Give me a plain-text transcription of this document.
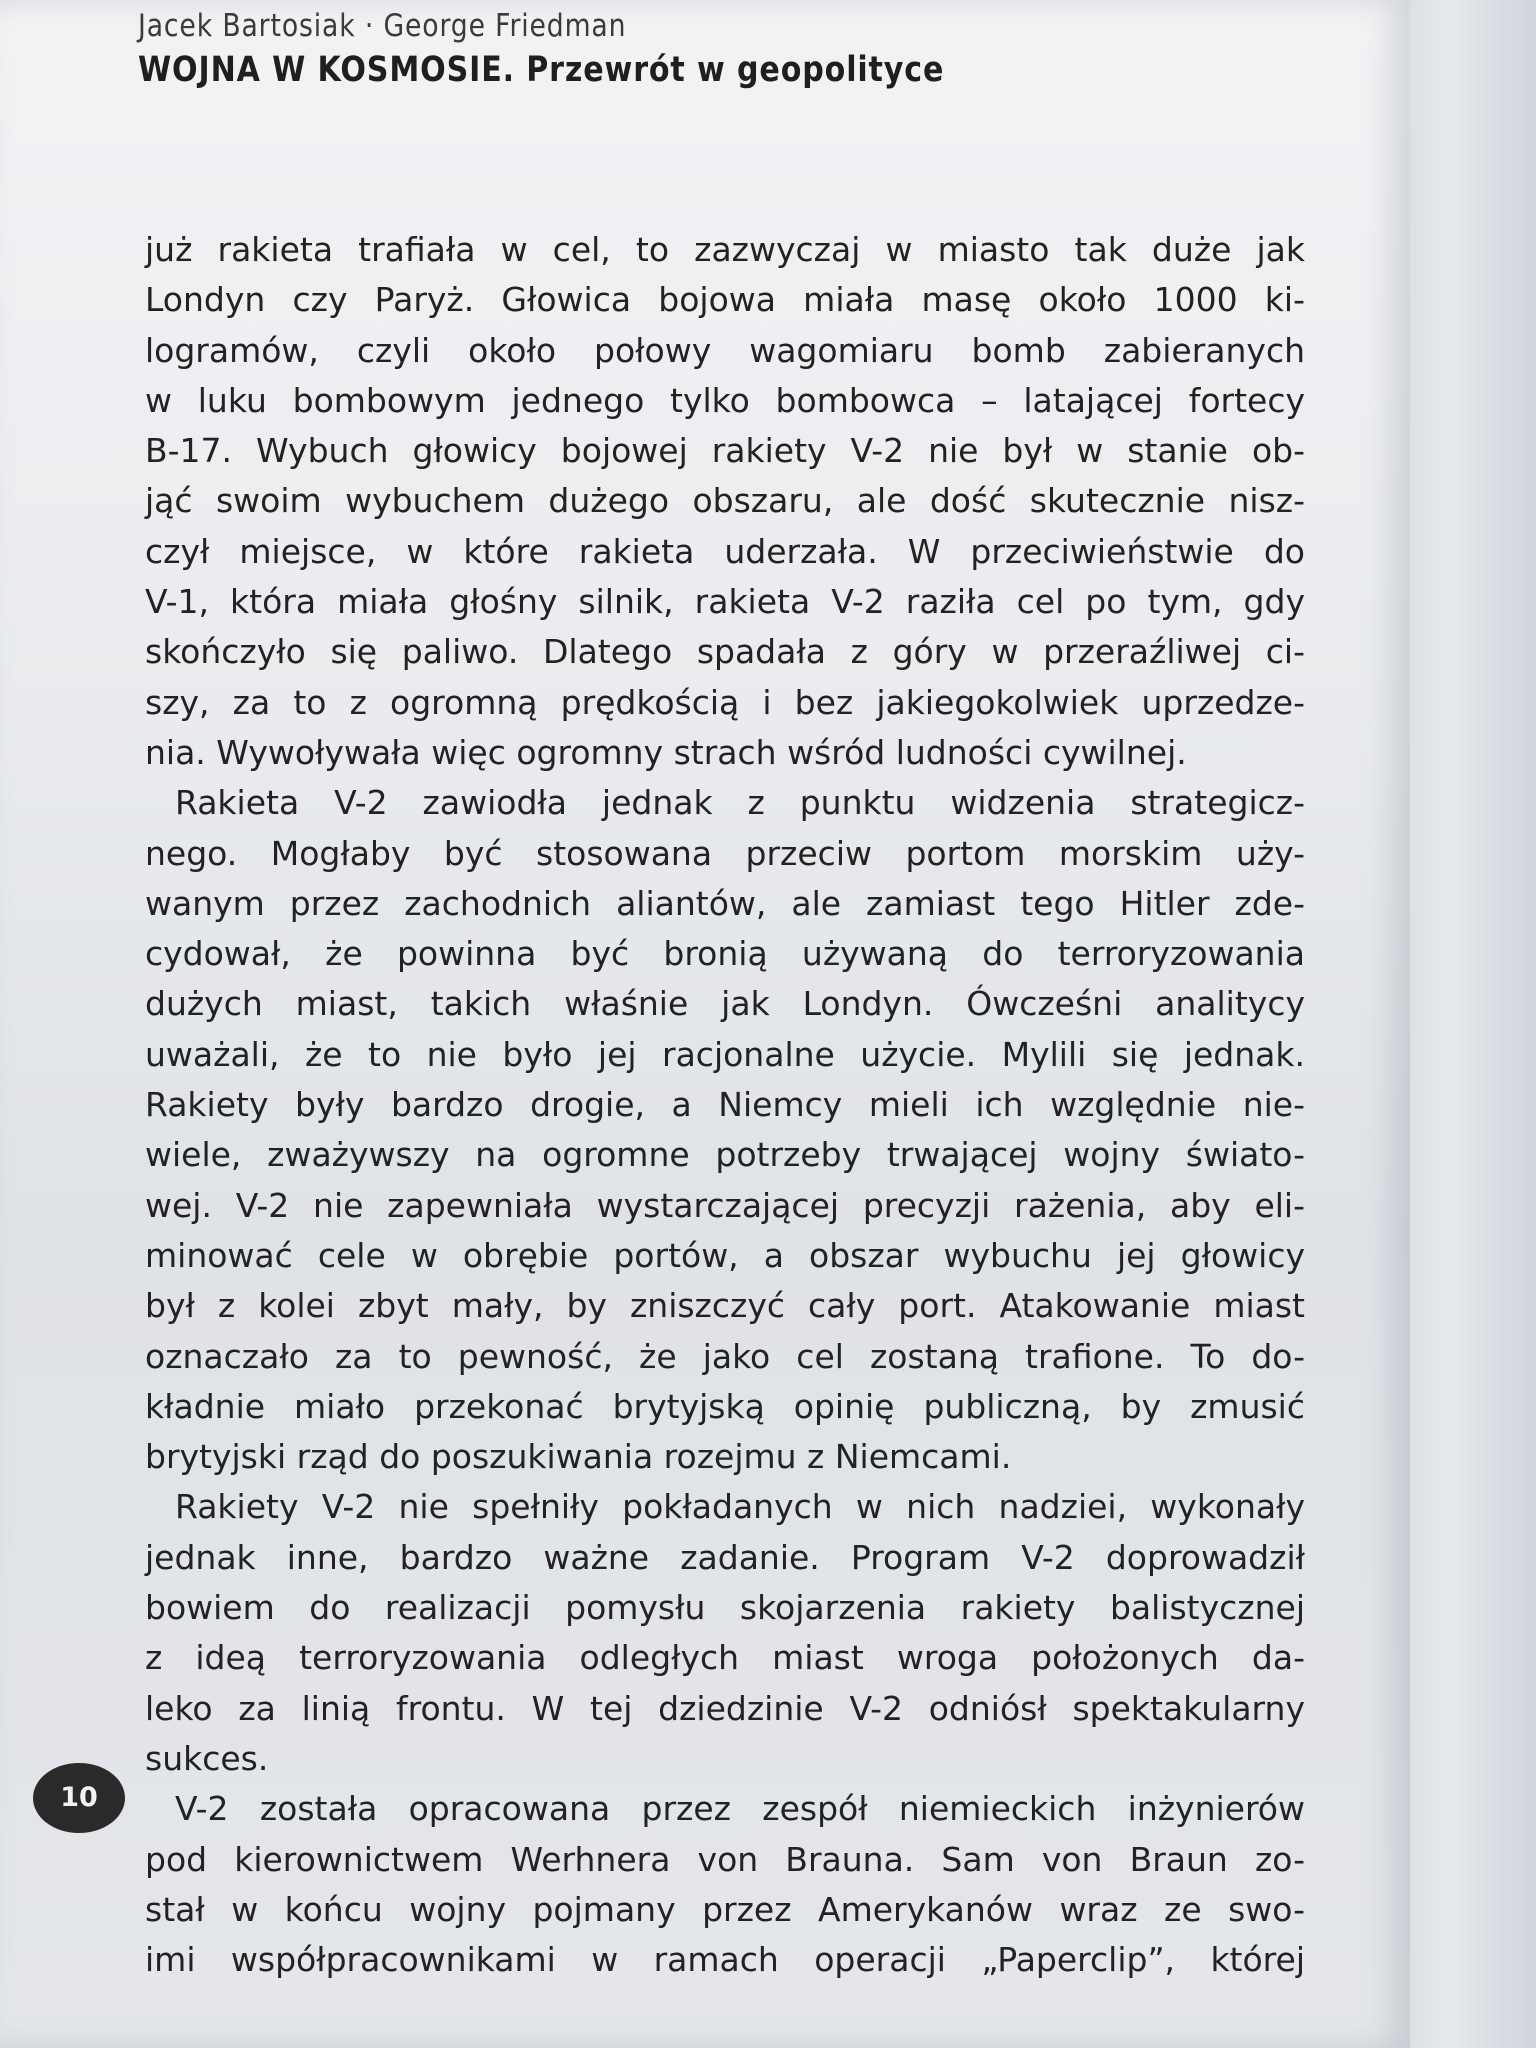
Jacek Bartosiak · George Friedman
WOJNA W KOSMOSIE. Przewrót w geopolityce
już rakieta trafiała w cel, to zazwyczaj w miasto tak duże jak
Londyn czy Paryż. Głowica bojowa miała masę około 1000 ki-
logramów, czyli około połowy wagomiaru bomb zabieranych
w luku bombowym jednego tylko bombowca – latającej fortecy
B-17. Wybuch głowicy bojowej rakiety V-2 nie był w stanie ob-
jąć swoim wybuchem dużego obszaru, ale dość skutecznie nisz-
czył miejsce, w które rakieta uderzała. W przeciwieństwie do
V-1, która miała głośny silnik, rakieta V-2 raziła cel po tym, gdy
skończyło się paliwo. Dlatego spadała z góry w przeraźliwej ci-
szy, za to z ogromną prędkością i bez jakiegokolwiek uprzedze-
nia. Wywoływała więc ogromny strach wśród ludności cywilnej.
Rakieta V-2 zawiodła jednak z punktu widzenia strategicz-
nego. Mogłaby być stosowana przeciw portom morskim uży-
wanym przez zachodnich aliantów, ale zamiast tego Hitler zde-
cydował, że powinna być bronią używaną do terroryzowania
dużych miast, takich właśnie jak Londyn. Ówcześni analitycy
uważali, że to nie było jej racjonalne użycie. Mylili się jednak.
Rakiety były bardzo drogie, a Niemcy mieli ich względnie nie-
wiele, zważywszy na ogromne potrzeby trwającej wojny świato-
wej. V-2 nie zapewniała wystarczającej precyzji rażenia, aby eli-
minować cele w obrębie portów, a obszar wybuchu jej głowicy
był z kolei zbyt mały, by zniszczyć cały port. Atakowanie miast
oznaczało za to pewność, że jako cel zostaną trafione. To do-
kładnie miało przekonać brytyjską opinię publiczną, by zmusić
brytyjski rząd do poszukiwania rozejmu z Niemcami.
Rakiety V-2 nie spełniły pokładanych w nich nadziei, wykonały
jednak inne, bardzo ważne zadanie. Program V-2 doprowadził
bowiem do realizacji pomysłu skojarzenia rakiety balistycznej
z ideą terroryzowania odległych miast wroga położonych da-
leko za linią frontu. W tej dziedzinie V-2 odniósł spektakularny
sukces.
V-2 została opracowana przez zespół niemieckich inżynierów
pod kierownictwem Werhnera von Brauna. Sam von Braun zo-
stał w końcu wojny pojmany przez Amerykanów wraz ze swo-
imi współpracownikami w ramach operacji „Paperclip”, której
10
